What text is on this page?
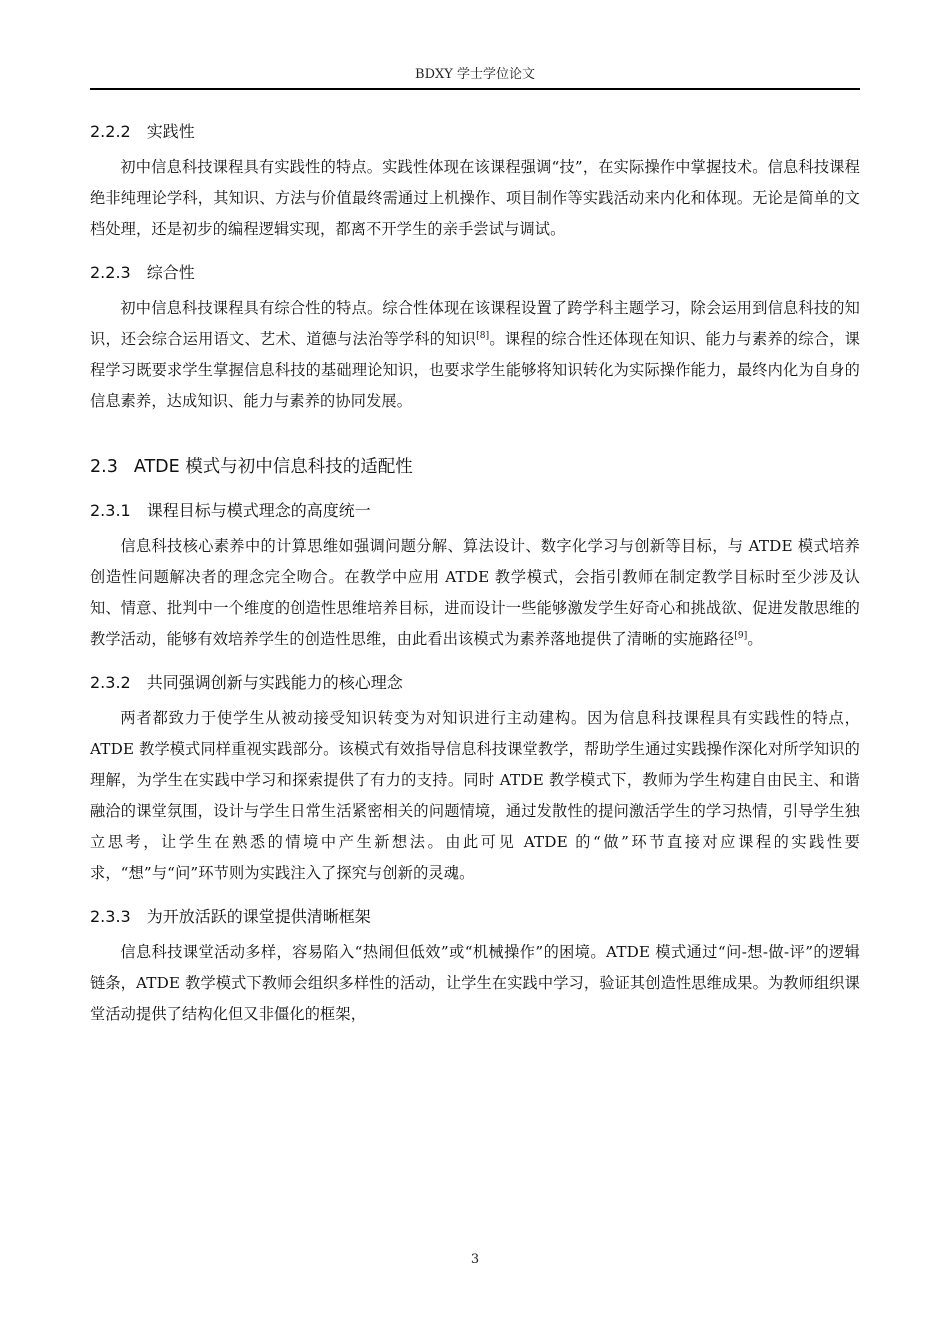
BDXY 学士学位论文
2.2.2 实践性

初中信息科技课程具有实践性的特点。实践性体现在该课程强调“技”，在实际操作中掌握技术。信息科技课程绝非纯理论学科，其知识、方法与价值最终需通过上机操作、项目制作等实践活动来内化和体现。无论是简单的文档处理，还是初步的编程逻辑实现，都离不开学生的亲手尝试与调试。

2.2.3 综合性

初中信息科技课程具有综合性的特点。综合性体现在该课程设置了跨学科主题学习，除会运用到信息科技的知识，还会综合运用语文、艺术、道德与法治等学科的知识[8]。课程的综合性还体现在知识、能力与素养的综合，课程学习既要求学生掌握信息科技的基础理论知识，也要求学生能够将知识转化为实际操作能力，最终内化为自身的信息素养，达成知识、能力与素养的协同发展。

2.3 ATDE 模式与初中信息科技的适配性
2.3.1 课程目标与模式理念的高度统一

信息科技核心素养中的计算思维如强调问题分解、算法设计、数字化学习与创新等目标，与 ATDE 模式培养创造性问题解决者的理念完全吻合。在教学中应用 ATDE 教学模式，会指引教师在制定教学目标时至少涉及认知、情意、批判中一个维度的创造性思维培养目标，进而设计一些能够激发学生好奇心和挑战欲、促进发散思维的教学活动，能够有效培养学生的创造性思维，由此看出该模式为素养落地提供了清晰的实施路径[9]。

2.3.2 共同强调创新与实践能力的核心理念

两者都致力于使学生从被动接受知识转变为对知识进行主动建构。因为信息科技课程具有实践性的特点，ATDE 教学模式同样重视实践部分。该模式有效指导信息科技课堂教学，帮助学生通过实践操作深化对所学知识的理解，为学生在实践中学习和探索提供了有力的支持。同时 ATDE 教学模式下，教师为学生构建自由民主、和谐融洽的课堂氛围，设计与学生日常生活紧密相关的问题情境，通过发散性的提问激活学生的学习热情，引导学生独立思考，让学生在熟悉的情境中产生新想法。由此可见 ATDE 的“做”环节直接对应课程的实践性要求，“想”与“问”环节则为实践注入了探究与创新的灵魂。

2.3.3 为开放活跃的课堂提供清晰框架

信息科技课堂活动多样，容易陷入“热闹但低效”或“机械操作”的困境。ATDE 模式通过“问-想-做-评”的逻辑链条，ATDE 教学模式下教师会组织多样性的活动，让学生在实践中学习，验证其创造性思维成果。为教师组织课堂活动提供了结构化但又非僵化的框架，

3
